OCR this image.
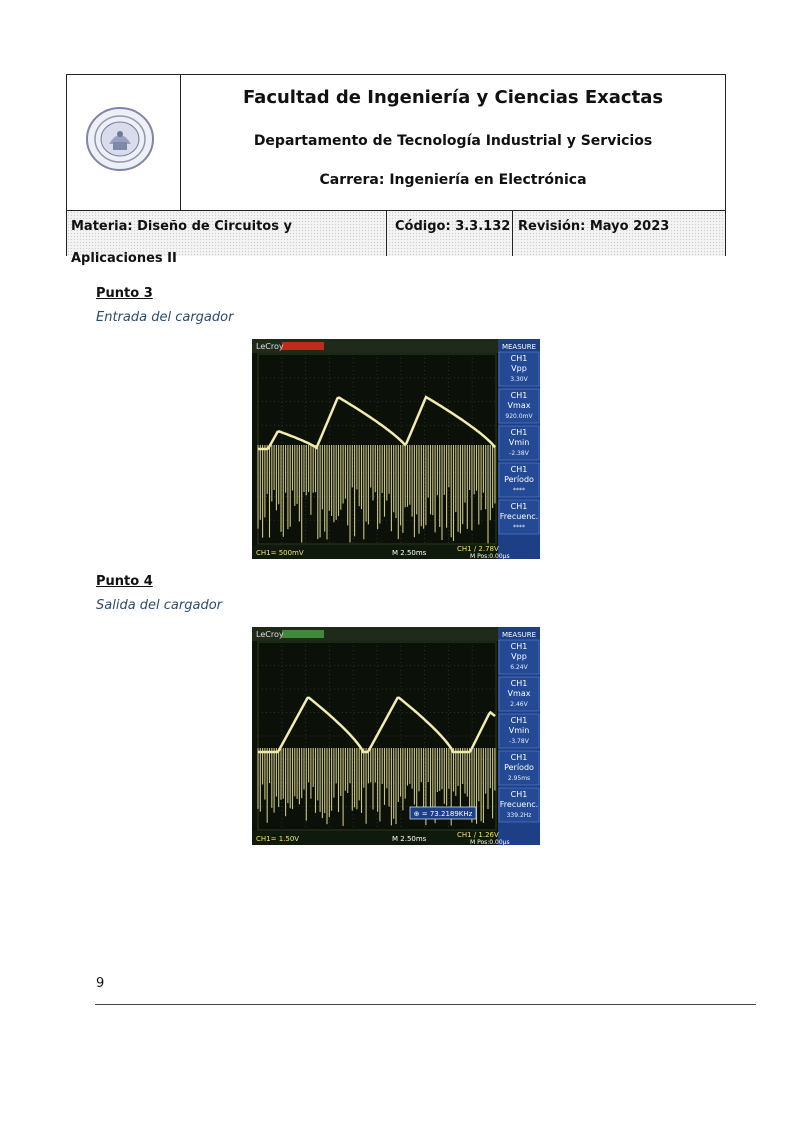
Facultad de Ingeniería y Ciencias Exactas
Departamento de Tecnología Industrial y Servicios
Carrera: Ingeniería en Electrónica
Materia: Diseño de Circuitos y Aplicaciones II
Código: 3.3.132 Revisión: Mayo 2023
Punto 3
Entrada del cargador
MEASURE
CH1
Vpp
3.30V
CH1
Vmax
920.0mV
CH1
Vmin
-2.38V
CH1
Período
****
CH1
Frecuenc.
****
LeCroy
CH1= 500mV	M 2.50ms	CH1 ∕ 2.78V
M Pos:0.00μs
Punto 4
Salida del cargador
MEASURE
CH1
Vpp
6.24V
CH1
Vmax
2.46V
CH1
Vmin
-3.78V
CH1
Período
2.95ms
CH1
Frecuenc.
339.2Hz
LeCroy
CH1= 1.50V	M 2.50ms	CH1 ∕ 1.26V
M Pos:0.00μs
⊕ = 73.2189KHz
9
